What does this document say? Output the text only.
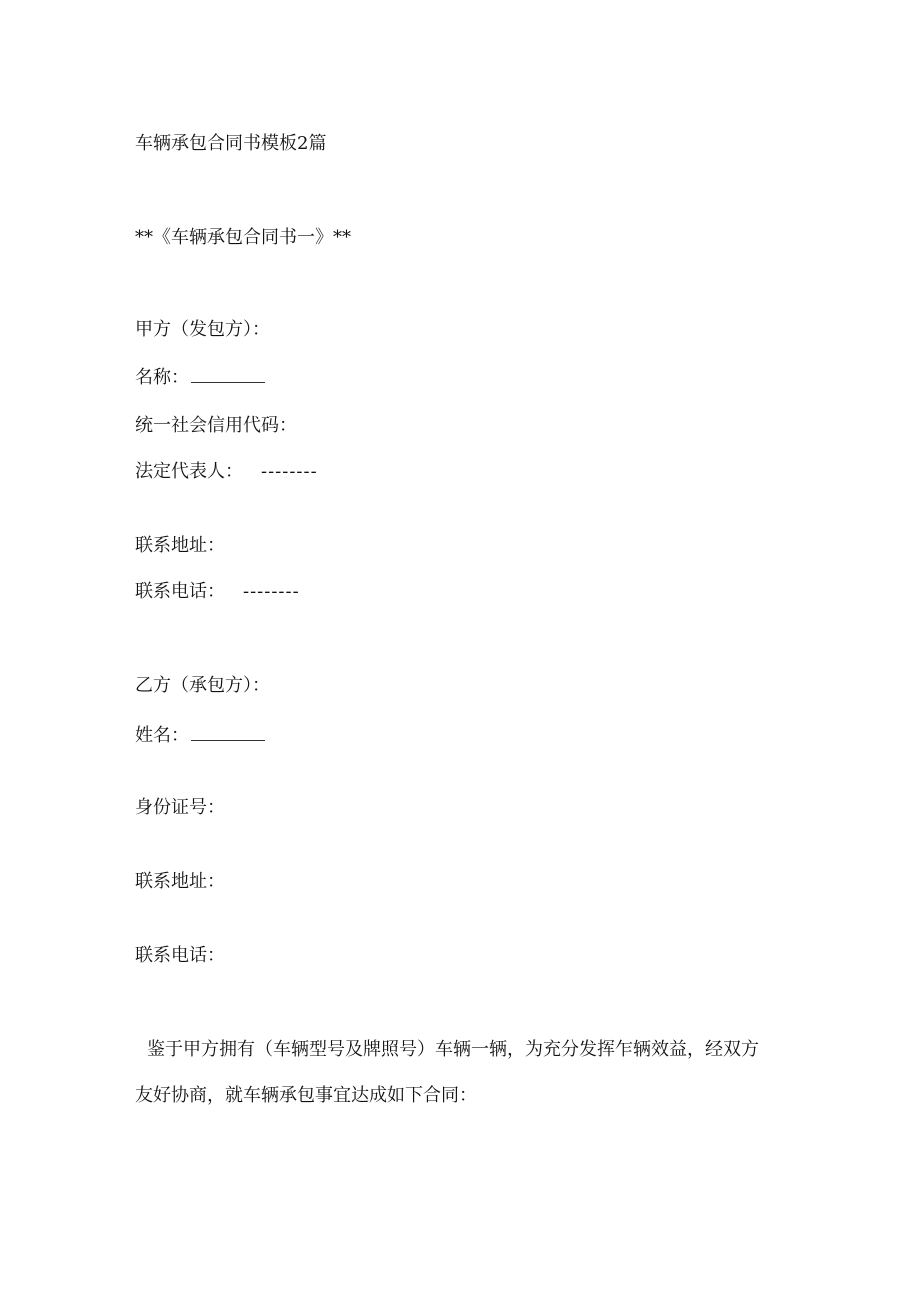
车辆承包合同书模板2篇
**《车辆承包合同书一》**
甲方（发包方）：
名称：
统一社会信用代码：
法定代表人： --------
联系地址：
联系电话： --------
乙方（承包方）：
姓名：
身份证号：
联系地址：
联系电话：
鉴于甲方拥有（车辆型号及牌照号）车辆一辆，为充分发挥乍辆效益，经双方
友好协商，就车辆承包事宜达成如下合同：
